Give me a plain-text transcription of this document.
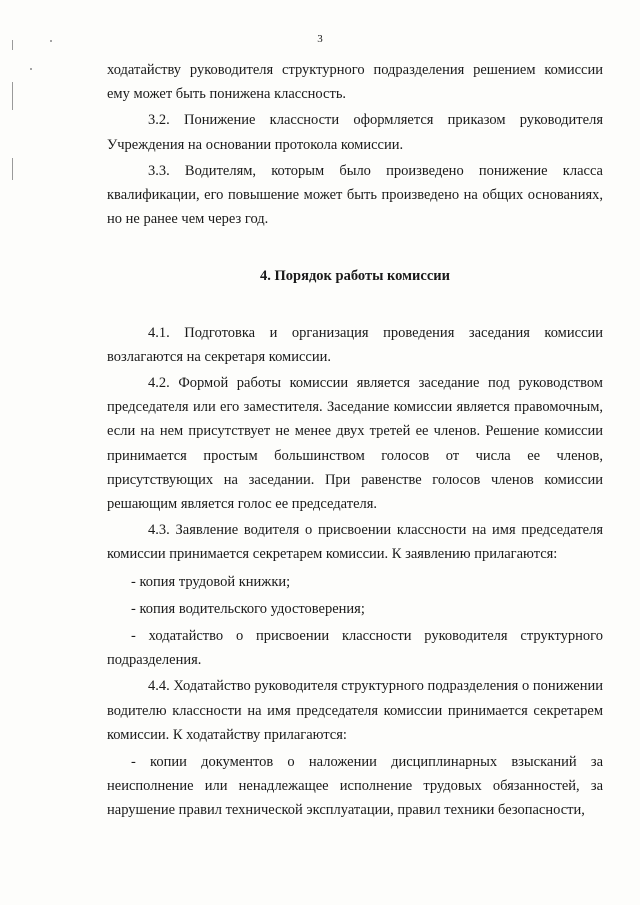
3

ходатайству руководителя структурного подразделения решением комиссии ему может быть понижена классность.

3.2. Понижение классности оформляется приказом руководителя Учреждения на основании протокола комиссии.

3.3. Водителям, которым было произведено понижение класса квалификации, его повышение может быть произведено на общих основаниях, но не ранее чем через год.

4. Порядок работы комиссии

4.1. Подготовка и организация проведения заседания комиссии возлагаются на секретаря комиссии.

4.2. Формой работы комиссии является заседание под руководством председателя или его заместителя. Заседание комиссии является правомочным, если на нем присутствует не менее двух третей ее членов. Решение комиссии принимается простым большинством голосов от числа ее членов, присутствующих на заседании. При равенстве голосов членов комиссии решающим является голос ее председателя.

4.3. Заявление водителя о присвоении классности на имя председателя комиссии принимается секретарем комиссии. К заявлению прилагаются:

- копия трудовой книжки;

- копия водительского удостоверения;

- ходатайство о присвоении классности руководителя структурного подразделения.

4.4. Ходатайство руководителя структурного подразделения о понижении водителю классности на имя председателя комиссии принимается секретарем комиссии. К ходатайству прилагаются:

- копии документов о наложении дисциплинарных взысканий за неисполнение или ненадлежащее исполнение трудовых обязанностей, за нарушение правил технической эксплуатации, правил техники безопасности,
